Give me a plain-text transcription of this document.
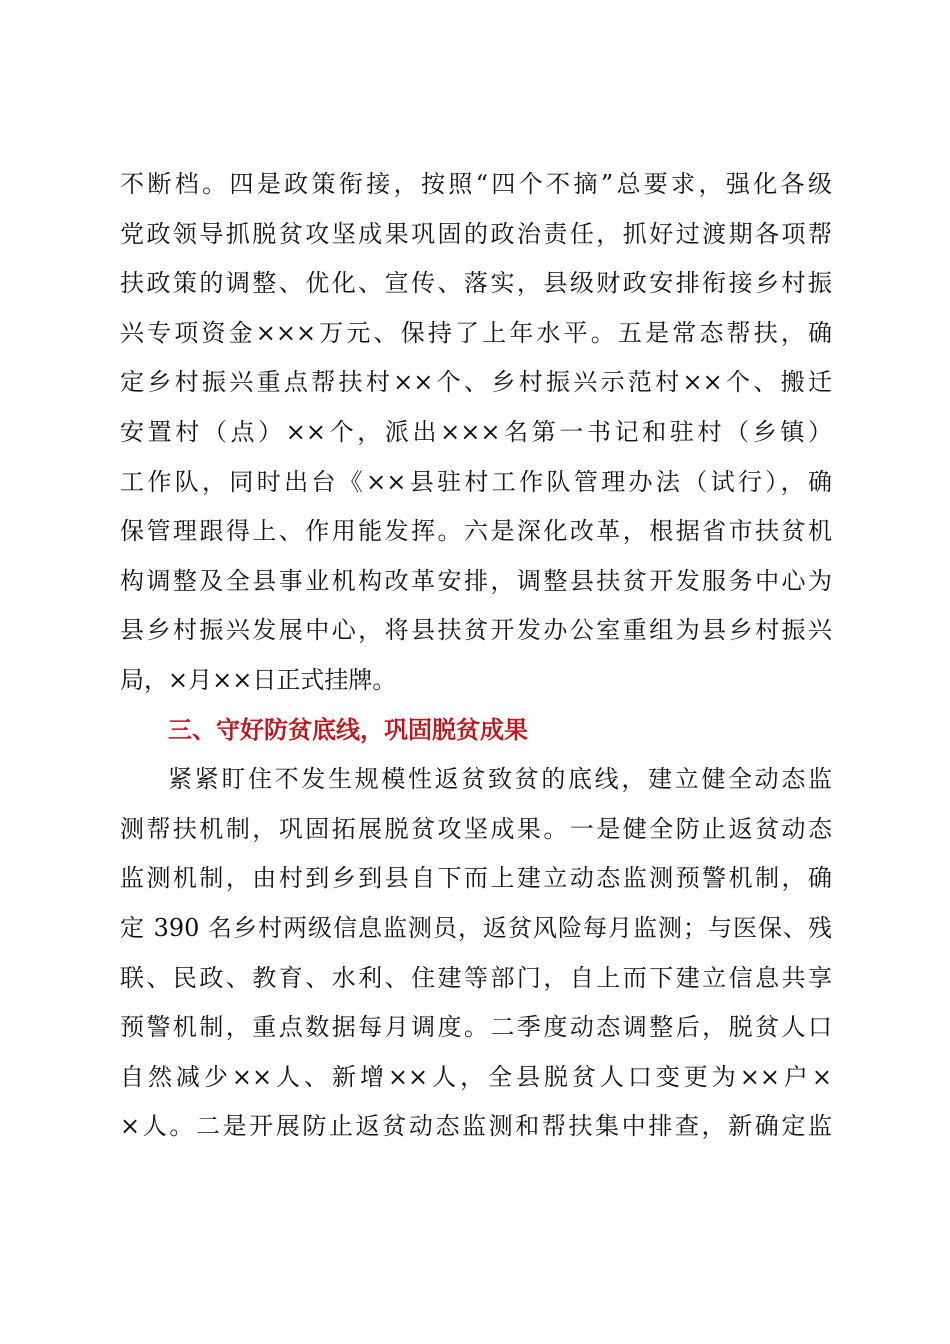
不断档。四是政策衔接，按照“四个不摘”总要求，强化各级
党政领导抓脱贫攻坚成果巩固的政治责任，抓好过渡期各项帮
扶政策的调整、优化、宣传、落实，县级财政安排衔接乡村振
兴专项资金×××万元、保持了上年水平。五是常态帮扶，确
定乡村振兴重点帮扶村××个、乡村振兴示范村××个、搬迁
安置村（点）××个，派出×××名第一书记和驻村（乡镇）
工作队，同时出台《××县驻村工作队管理办法（试行），确
保管理跟得上、作用能发挥。六是深化改革，根据省市扶贫机
构调整及全县事业机构改革安排，调整县扶贫开发服务中心为
县乡村振兴发展中心，将县扶贫开发办公室重组为县乡村振兴
局，×月××日正式挂牌。
三、守好防贫底线，巩固脱贫成果
紧紧盯住不发生规模性返贫致贫的底线，建立健全动态监
测帮扶机制，巩固拓展脱贫攻坚成果。一是健全防止返贫动态
监测机制，由村到乡到县自下而上建立动态监测预警机制，确
定 390 名乡村两级信息监测员，返贫风险每月监测；与医保、残
联、民政、教育、水利、住建等部门，自上而下建立信息共享
预警机制，重点数据每月调度。二季度动态调整后，脱贫人口
自然减少××人、新增××人，全县脱贫人口变更为××户×
×人。二是开展防止返贫动态监测和帮扶集中排查，新确定监
